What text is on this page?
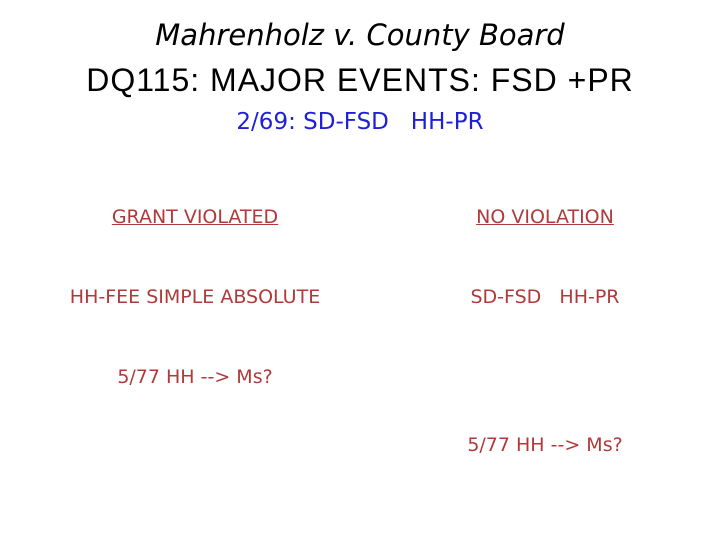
Mahrenholz v. County Board
DQ115: MAJOR EVENTS: FSD +PR
2/69: SD-FSD   HH-PR

GRANT VIOLATED

HH-FEE SIMPLE ABSOLUTE

5/77 HH --> Ms?

NO VIOLATION

SD-FSD   HH-PR

5/77 HH --> Ms?
